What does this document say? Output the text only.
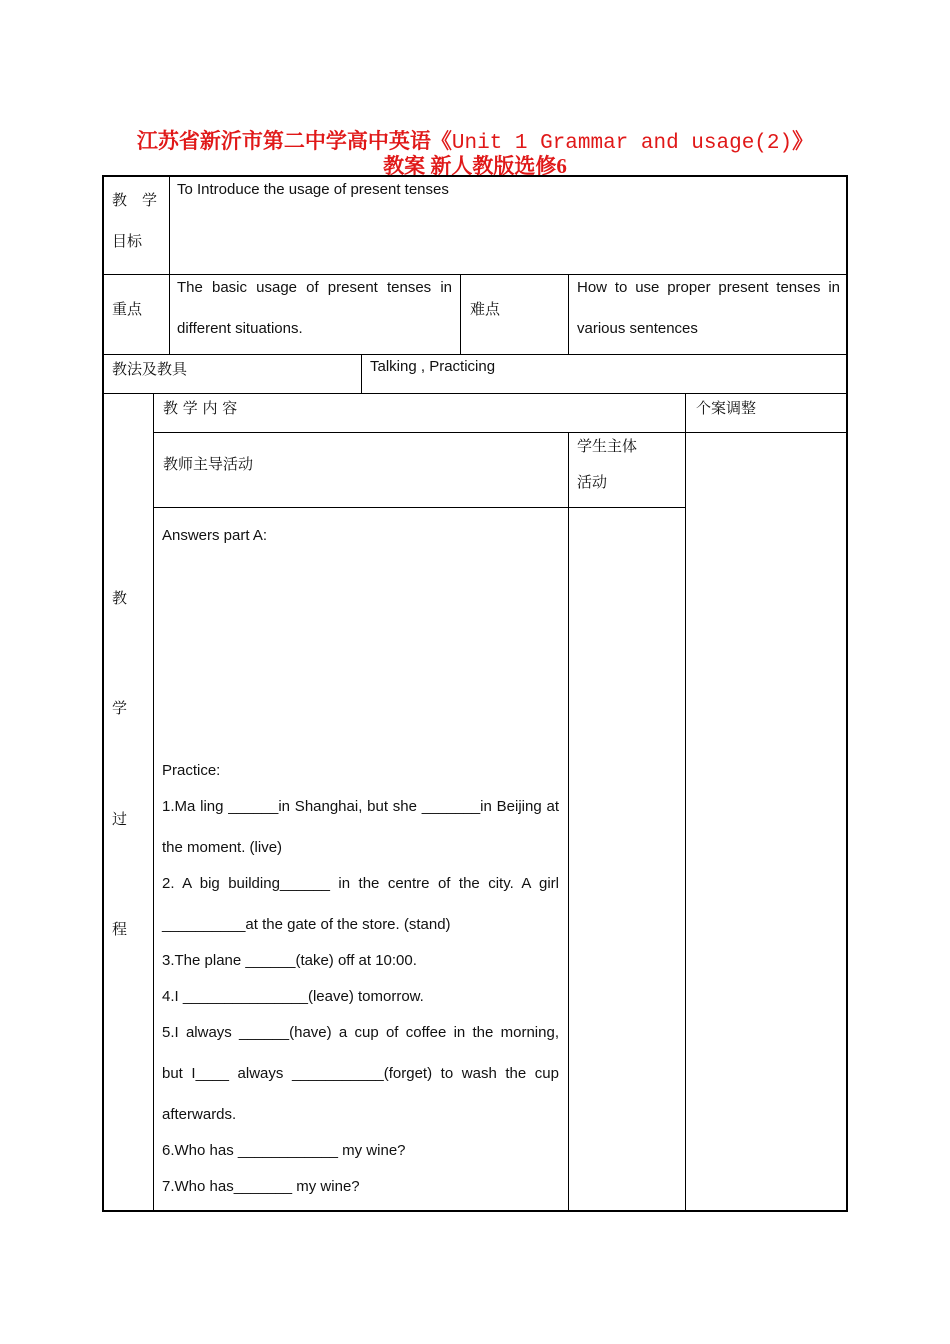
江苏省新沂市第二中学高中英语《Unit 1 Grammar and usage(2)》
教案 新人教版选修6
教　学
目标
To Introduce the usage of present tenses
重点
The basic usage of present tenses in
different situations.
难点
How to use proper present tenses in
various sentences
教法及教具	Talking , Practicing
教
学
过
程
教 学 内 容	个案调整
教师主导活动
学生主体
活动
Answers part A:
Practice:
1.Ma ling ______in Shanghai, but she _______in Beijing at
the moment. (live)
2. A big building______ in the centre of the city. A girl
__________at the gate of the store. (stand)
3.The plane ______(take) off at 10:00.
4.I _______________(leave) tomorrow.
5.I always ______(have) a cup of coffee in the morning,
but I____ always ___________(forget) to wash the cup
afterwards.
6.Who has ____________ my wine?
7.Who has_______ my wine?
